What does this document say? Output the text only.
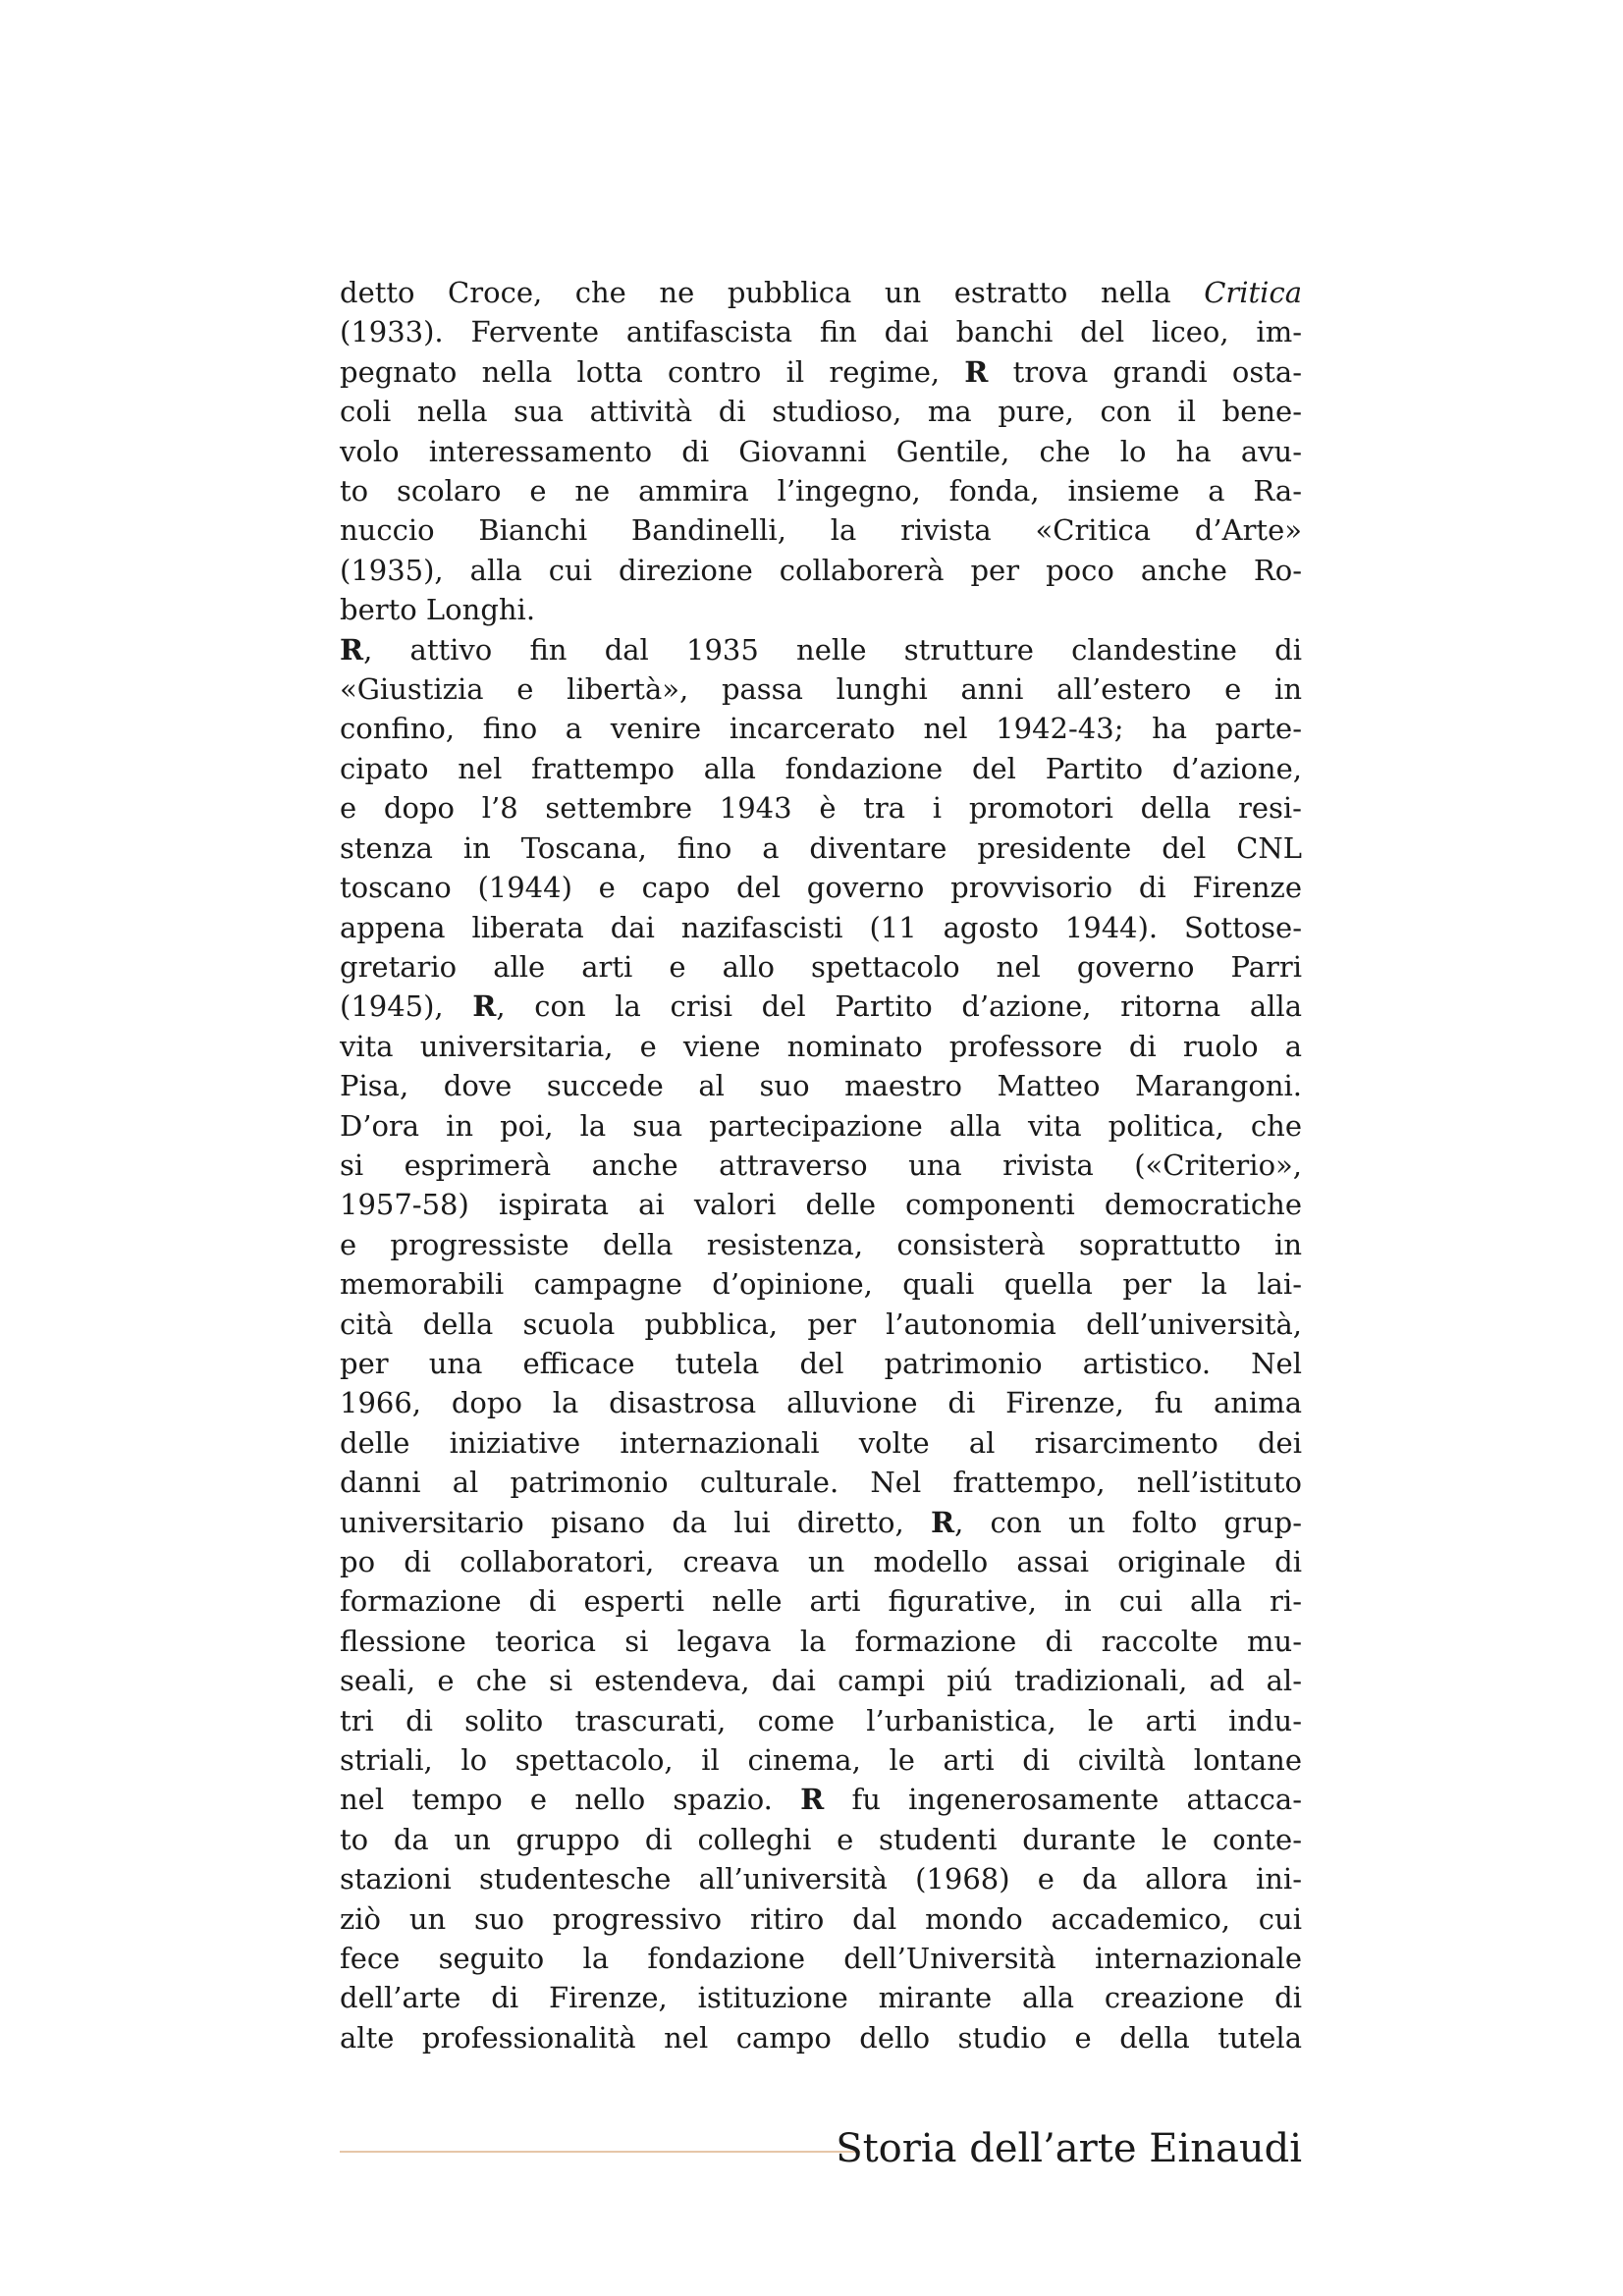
detto Croce, che ne pubblica un estratto nella Critica
(1933). Fervente antifascista fin dai banchi del liceo, im-
pegnato nella lotta contro il regime, R trova grandi osta-
coli nella sua attività di studioso, ma pure, con il bene-
volo interessamento di Giovanni Gentile, che lo ha avu-
to scolaro e ne ammira l’ingegno, fonda, insieme a Ra-
nuccio Bianchi Bandinelli, la rivista «Critica d’Arte»
(1935), alla cui direzione collaborerà per poco anche Ro-
berto Longhi.
R, attivo fin dal 1935 nelle strutture clandestine di
«Giustizia e libertà», passa lunghi anni all’estero e in
confino, fino a venire incarcerato nel 1942-43; ha parte-
cipato nel frattempo alla fondazione del Partito d’azione,
e dopo l’8 settembre 1943 è tra i promotori della resi-
stenza in Toscana, fino a diventare presidente del CNL
toscano (1944) e capo del governo provvisorio di Firenze
appena liberata dai nazifascisti (11 agosto 1944). Sottose-
gretario alle arti e allo spettacolo nel governo Parri
(1945), R, con la crisi del Partito d’azione, ritorna alla
vita universitaria, e viene nominato professore di ruolo a
Pisa, dove succede al suo maestro Matteo Marangoni.
D’ora in poi, la sua partecipazione alla vita politica, che
si esprimerà anche attraverso una rivista («Criterio»,
1957-58) ispirata ai valori delle componenti democratiche
e progressiste della resistenza, consisterà soprattutto in
memorabili campagne d’opinione, quali quella per la lai-
cità della scuola pubblica, per l’autonomia dell’università,
per una efficace tutela del patrimonio artistico. Nel
1966, dopo la disastrosa alluvione di Firenze, fu anima
delle iniziative internazionali volte al risarcimento dei
danni al patrimonio culturale. Nel frattempo, nell’istituto
universitario pisano da lui diretto, R, con un folto grup-
po di collaboratori, creava un modello assai originale di
formazione di esperti nelle arti figurative, in cui alla ri-
flessione teorica si legava la formazione di raccolte mu-
seali, e che si estendeva, dai campi piú tradizionali, ad al-
tri di solito trascurati, come l’urbanistica, le arti indu-
striali, lo spettacolo, il cinema, le arti di civiltà lontane
nel tempo e nello spazio. R fu ingenerosamente attacca-
to da un gruppo di colleghi e studenti durante le conte-
stazioni studentesche all’università (1968) e da allora ini-
ziò un suo progressivo ritiro dal mondo accademico, cui
fece seguito la fondazione dell’Università internazionale
dell’arte di Firenze, istituzione mirante alla creazione di
alte professionalità nel campo dello studio e della tutela
Storia dell’arte Einaudi
